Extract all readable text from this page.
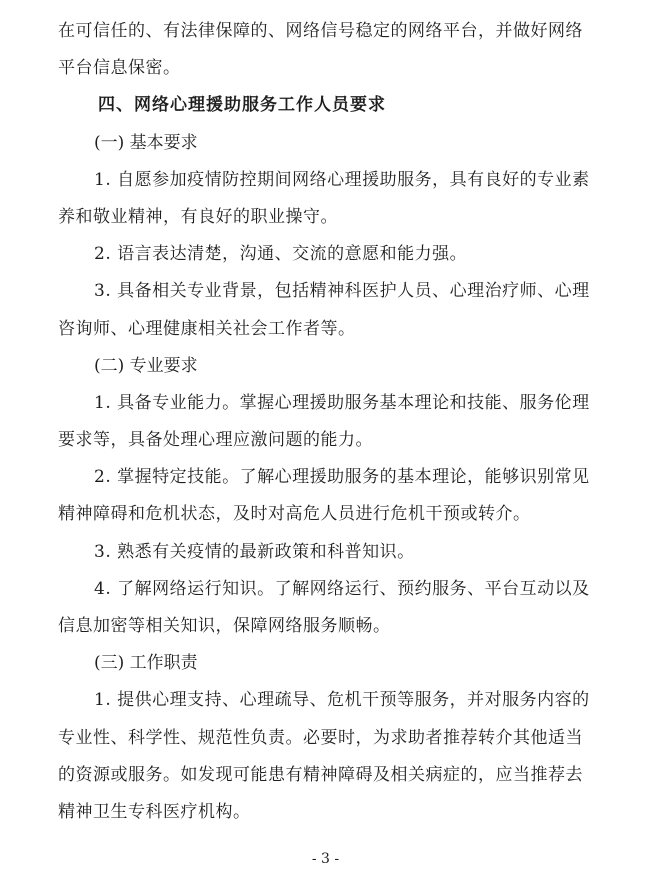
在可信任的、有法律保障的、网络信号稳定的网络平台，并做好网络
平台信息保密。
四、网络心理援助服务工作人员要求
(一) 基本要求
1. 自愿参加疫情防控期间网络心理援助服务，具有良好的专业素
养和敬业精神，有良好的职业操守。
2. 语言表达清楚，沟通、交流的意愿和能力强。
3. 具备相关专业背景，包括精神科医护人员、心理治疗师、心理
咨询师、心理健康相关社会工作者等。
(二) 专业要求
1. 具备专业能力。掌握心理援助服务基本理论和技能、服务伦理
要求等，具备处理心理应激问题的能力。
2. 掌握特定技能。了解心理援助服务的基本理论，能够识别常见
精神障碍和危机状态，及时对高危人员进行危机干预或转介。
3. 熟悉有关疫情的最新政策和科普知识。
4. 了解网络运行知识。了解网络运行、预约服务、平台互动以及
信息加密等相关知识，保障网络服务顺畅。
(三) 工作职责
1. 提供心理支持、心理疏导、危机干预等服务，并对服务内容的
专业性、科学性、规范性负责。必要时，为求助者推荐转介其他适当
的资源或服务。如发现可能患有精神障碍及相关病症的，应当推荐去
精神卫生专科医疗机构。
- 3 -
